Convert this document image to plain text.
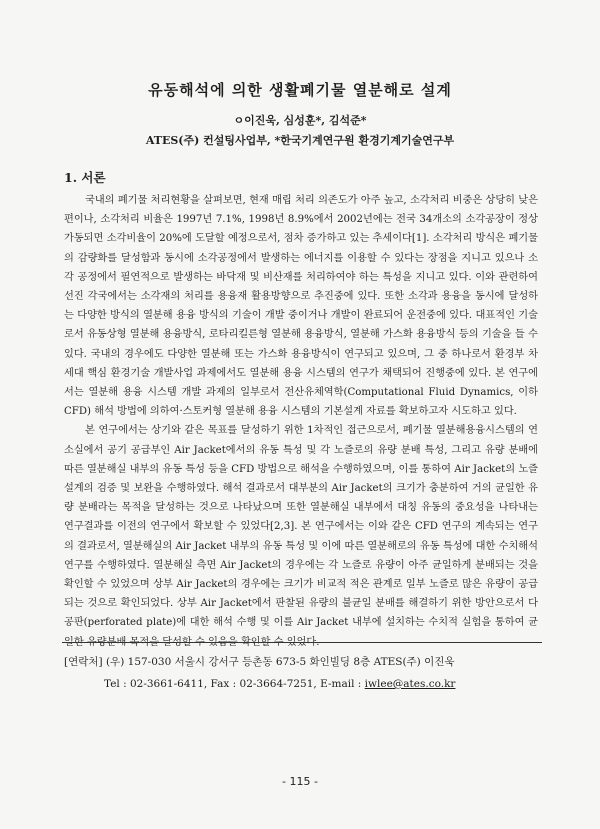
유동해석에 의한 생활폐기물 열분해로 설계
ㅇ이진욱, 심성훈*, 김석준*
ATES(주) 컨설팅사업부, *한국기계연구원 환경기계기술연구부
1. 서론

국내의 폐기물 처리현황을 살펴보면, 현재 매립 처리 의존도가 아주 높고, 소각처리 비중은 상당히 낮은 편이나, 소각처리 비율은 1997년 7.1%, 1998년 8.9%에서 2002년에는 전국 34개소의 소각공장이 정상가동되면 소각비율이 20%에 도달할 예정으로서, 점차 증가하고 있는 추세이다[1]. 소각처리 방식은 폐기물의 감량화를 달성함과 동시에 소각공정에서 발생하는 에너지를 이용할 수 있다는 장점을 지니고 있으나 소각 공정에서 필연적으로 발생하는 바닥재 및 비산재를 처리하여야 하는 특성을 지니고 있다. 이와 관련하여 선진 각국에서는 소각재의 처리를 용융재 활용방향으로 추진중에 있다. 또한 소각과 용융을 동시에 달성하는 다양한 방식의 열분해 용융 방식의 기술이 개발 중이거나 개발이 완료되어 운전중에 있다. 대표적인 기술로서 유동상형 열분해 용융방식, 로타리킬른형 열분해 용융방식, 열분해 가스화 용융방식 등의 기술을 들 수 있다. 국내의 경우에도 다양한 열분해 또는 가스화 용융방식이 연구되고 있으며, 그 중 하나로서 환경부 차세대 핵심 환경기술 개발사업 과제에서도 열분해 용융 시스템의 연구가 채택되어 진행중에 있다. 본 연구에서는 열분해 용융 시스템 개발 과제의 일부로서 전산유체역학(Computational Fluid Dynamics, 이하 CFD) 해석 방법에 의하여·스토커형 열분해 용융 시스템의 기본설계 자료를 확보하고자 시도하고 있다.

본 연구에서는 상기와 같은 목표를 달성하기 위한 1차적인 접근으로서, 폐기물 열분해용융시스템의 연소실에서 공기 공급부인 Air Jacket에서의 유동 특성 및 각 노즐로의 유량 분배 특성, 그리고 유량 분배에 따른 열분해실 내부의 유동 특성 등을 CFD 방법으로 해석을 수행하였으며, 이를 통하여 Air Jacket의 노즐 설계의 검증 및 보완을 수행하였다. 해석 결과로서 대부분의 Air Jacket의 크기가 충분하여 거의 균일한 유량 분배라는 목적을 달성하는 것으로 나타났으며 또한 열분해실 내부에서 대칭 유동의 중요성을 나타내는 연구결과를 이전의 연구에서 확보할 수 있었다[2,3]. 본 연구에서는 이와 같은 CFD 연구의 계속되는 연구의 결과로서, 열분해실의 Air Jacket 내부의 유동 특성 및 이에 따른 열분해로의 유동 특성에 대한 수치해석 연구를 수행하였다. 열분해실 측면 Air Jacket의 경우에는 각 노즐로 유량이 아주 균일하게 분배되는 것을 확인할 수 있었으며 상부 Air Jacket의 경우에는 크기가 비교적 적은 관계로 일부 노즐로 많은 유량이 공급되는 것으로 확인되었다. 상부 Air Jacket에서 판찰된 유량의 불균일 분배를 해결하기 위한 방안으로서 다공판(perforated plate)에 대한 해석 수행 및 이를 Air Jacket 내부에 설치하는 수치적 실험을 통하여 균일한 유량분배 목적을 달성할 수 있음을 확인할 수 있었다.

[연락처] (우) 157-030 서울시 강서구 등촌동 673-5 화인빌딩 8층 ATES(주) 이진욱
Tel : 02-3661-6411, Fax : 02-3664-7251, E-mail : iwlee@ates.co.kr
- 115 -
